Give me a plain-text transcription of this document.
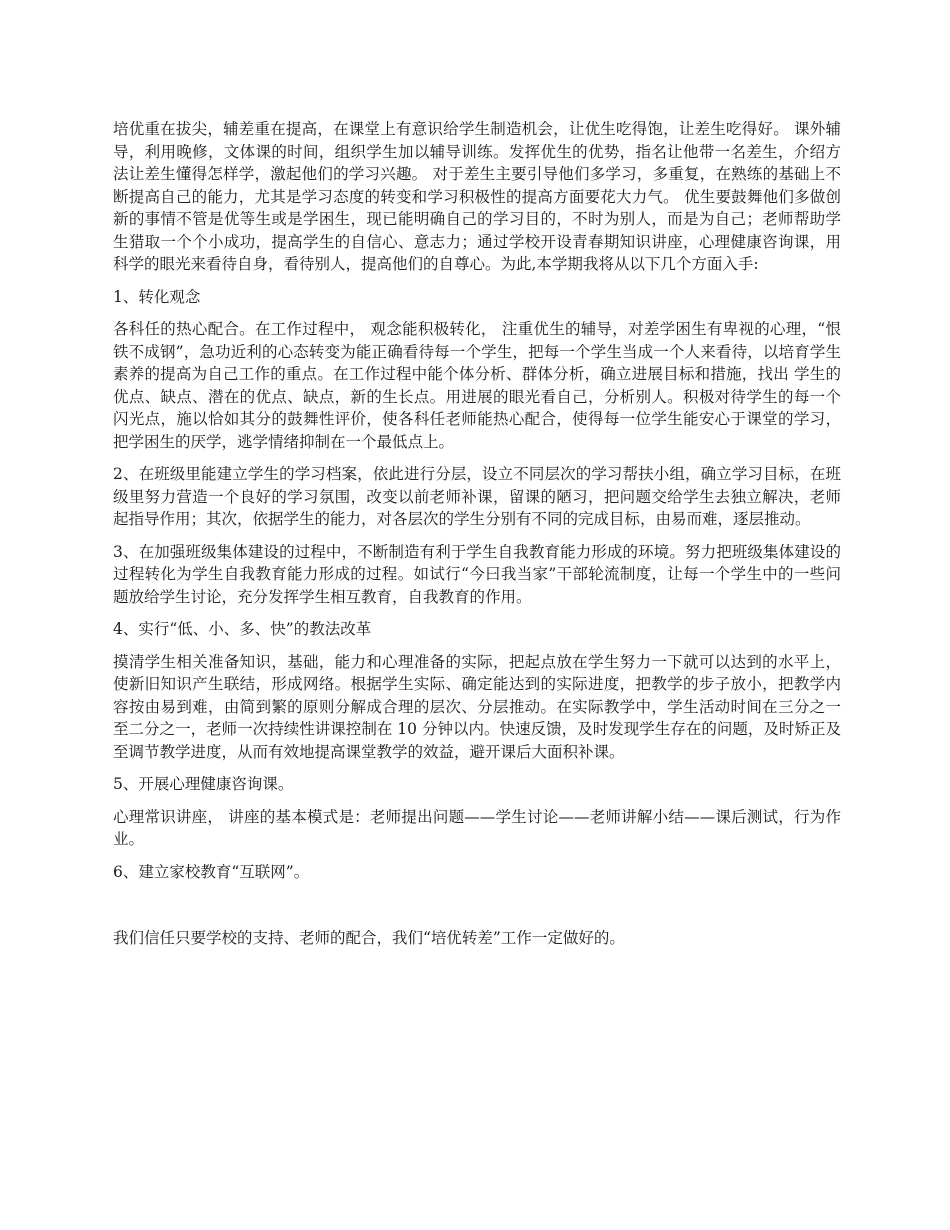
培优重在拔尖，辅差重在提高，在课堂上有意识给学生制造机会，让优生吃得饱，让差生吃得好。 课外辅导，利用晚修，文体课的时间，组织学生加以辅导训练。发挥优生的优势，指名让他带一名差生，介绍方法让差生懂得怎样学，激起他们的学习兴趣。 对于差生主要引导他们多学习，多重复，在熟练的基础上不断提高自己的能力，尤其是学习态度的转变和学习积极性的提高方面要花大力气。 优生要鼓舞他们多做创新的事情不管是优等生或是学困生，现已能明确自己的学习目的，不时为别人，而是为自己；老师帮助学生猎取一个个小成功，提高学生的自信心、意志力；通过学校开设青春期知识讲座，心理健康咨询课，用科学的眼光来看待自身，看待别人，提高他们的自尊心。为此,本学期我将从以下几个方面入手:

1、转化观念

各科任的热心配合。在工作过程中， 观念能积极转化， 注重优生的辅导，对差学困生有卑视的心理，“恨铁不成钢”，急功近利的心态转变为能正确看待每一个学生，把每一个学生当成一个人来看待，以培育学生素养的提高为自己工作的重点。在工作过程中能个体分析、群体分析，确立进展目标和措施，找出 学生的优点、缺点、潜在的优点、缺点，新的生长点。用进展的眼光看自己，分析别人。积极对待学生的每一个闪光点，施以恰如其分的鼓舞性评价，使各科任老师能热心配合，使得每一位学生能安心于课堂的学习，把学困生的厌学，逃学情绪抑制在一个最低点上。

2、在班级里能建立学生的学习档案，依此进行分层，设立不同层次的学习帮扶小组，确立学习目标，在班级里努力营造一个良好的学习氛围，改变以前老师补课，留课的陋习，把问题交给学生去独立解决，老师起指导作用；其次，依据学生的能力，对各层次的学生分别有不同的完成目标，由易而难，逐层推动。

3、在加强班级集体建设的过程中，不断制造有利于学生自我教育能力形成的环境。努力把班级集体建设的过程转化为学生自我教育能力形成的过程。如试行“今曰我当家”干部轮流制度，让每一个学生中的一些问题放给学生讨论，充分发挥学生相互教育，自我教育的作用。

4、实行“低、小、多、快”的教法改革

摸清学生相关准备知识，基础，能力和心理准备的实际，把起点放在学生努力一下就可以达到的水平上，使新旧知识产生联结，形成网络。根据学生实际、确定能达到的实际进度，把教学的步子放小，把教学内容按由易到难，由简到繁的原则分解成合理的层次、分层推动。在实际教学中，学生活动时间在三分之一至二分之一，老师一次持续性讲课控制在 10 分钟以内。快速反馈，及时发现学生存在的问题，及时矫正及至调节教学进度，从而有效地提高课堂教学的效益，避开课后大面积补课。

5、开展心理健康咨询课。

心理常识讲座， 讲座的基本模式是：老师提出问题——学生讨论——老师讲解小结——课后测试，行为作业。

6、建立家校教育“互联网”。

我们信任只要学校的支持、老师的配合，我们“培优转差”工作一定做好的。
